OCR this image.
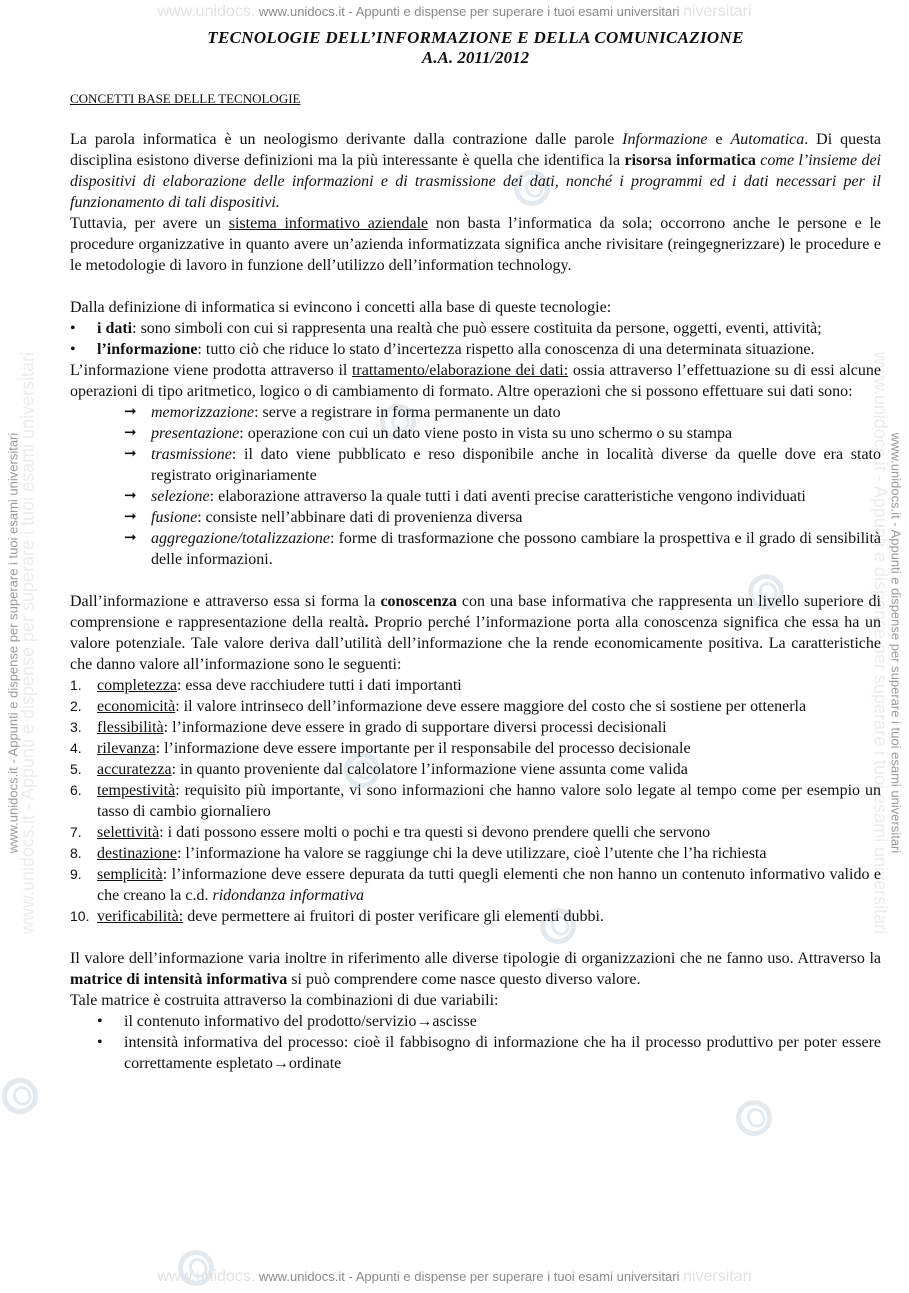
www.unidocs. www.unidocs.it - Appunti e dispense per superare i tuoi esami universitari niversitari
www.unidocs. www.unidocs.it - Appunti e dispense per superare i tuoi esami universitari niversitari
www.unidocs.it - Appunti e dispense per superare i tuoi esami universitari	www.unidocs.it - Appunti e dispense per superare i tuoi esami universitari
www.unidocs.it - Appunti e dispense per superare i tuoi esami universitari	www.unidocs.it - Appunti e dispense per superare i tuoi esami universitari
TECNOLOGIE DELL’INFORMAZIONE E DELLA COMUNICAZIONE
A.A. 2011/2012
CONCETTI BASE DELLE TECNOLOGIE

La parola informatica è un neologismo derivante dalla contrazione dalle parole Informazione e Automatica. Di questa disciplina esistono diverse definizioni ma la più interessante è quella che identifica la risorsa informatica come l’insieme dei dispositivi di elaborazione delle informazioni e di trasmissione dei dati, nonché i programmi ed i dati necessari per il funzionamento di tali dispositivi.

Tuttavia, per avere un sistema informativo aziendale non basta l’informatica da sola; occorrono anche le persone e le procedure organizzative in quanto avere un’azienda informatizzata significa anche rivisitare (reingegnerizzare) le procedure e le metodologie di lavoro in funzione dell’utilizzo dell’information technology.

Dalla definizione di informatica si evincono i concetti alla base di queste tecnologie:

• i dati: sono simboli con cui si rappresenta una realtà che può essere costituita da persone, oggetti, eventi, attività;
• l’informazione: tutto ciò che riduce lo stato d’incertezza rispetto alla conoscenza di una determinata situazione.

L’informazione viene prodotta attraverso il trattamento/elaborazione dei dati: ossia attraverso l’effettuazione su di essi alcune operazioni di tipo aritmetico, logico o di cambiamento di formato. Altre operazioni che si possono effettuare sui dati sono:

➞ memorizzazione: serve a registrare in forma permanente un dato
➞ presentazione: operazione con cui un dato viene posto in vista su uno schermo o su stampa
➞ trasmissione: il dato viene pubblicato e reso disponibile anche in località diverse da quelle dove era stato registrato originariamente
➞ selezione: elaborazione attraverso la quale tutti i dati aventi precise caratteristiche vengono individuati
➞ fusione: consiste nell’abbinare dati di provenienza diversa
➞ aggregazione/totalizzazione: forme di trasformazione che possono cambiare la prospettiva e il grado di sensibilità delle informazioni.

Dall’informazione e attraverso essa si forma la conoscenza con una base informativa che rappresenta un livello superiore di comprensione e rappresentazione della realtà. Proprio perché l’informazione porta alla conoscenza significa che essa ha un valore potenziale. Tale valore deriva dall’utilità dell’informazione che la rende economicamente positiva. La caratteristiche che danno valore all’informazione sono le seguenti:

1. completezza: essa deve racchiudere tutti i dati importanti
2. economicità: il valore intrinseco dell’informazione deve essere maggiore del costo che si sostiene per ottenerla
3. flessibilità: l’informazione deve essere in grado di supportare diversi processi decisionali
4. rilevanza: l’informazione deve essere importante per il responsabile del processo decisionale
5. accuratezza: in quanto proveniente dal calcolatore l’informazione viene assunta come valida
6. tempestività: requisito più importante, vi sono informazioni che hanno valore solo legate al tempo come per esempio un tasso di cambio giornaliero
7. selettività: i dati possono essere molti o pochi e tra questi si devono prendere quelli che servono
8. destinazione: l’informazione ha valore se raggiunge chi la deve utilizzare, cioè l’utente che l’ha richiesta
9. semplicità: l’informazione deve essere depurata da tutti quegli elementi che non hanno un contenuto informativo valido e che creano la c.d. ridondanza informativa
10. verificabilità: deve permettere ai fruitori di poster verificare gli elementi dubbi.

Il valore dell’informazione varia inoltre in riferimento alle diverse tipologie di organizzazioni che ne fanno uso. Attraverso la matrice di intensità informativa si può comprendere come nasce questo diverso valore.

Tale matrice è costruita attraverso la combinazioni di due variabili:

• il contenuto informativo del prodotto/servizio→ascisse
• intensità informativa del processo: cioè il fabbisogno di informazione che ha il processo produttivo per poter essere correttamente espletato→ordinate
